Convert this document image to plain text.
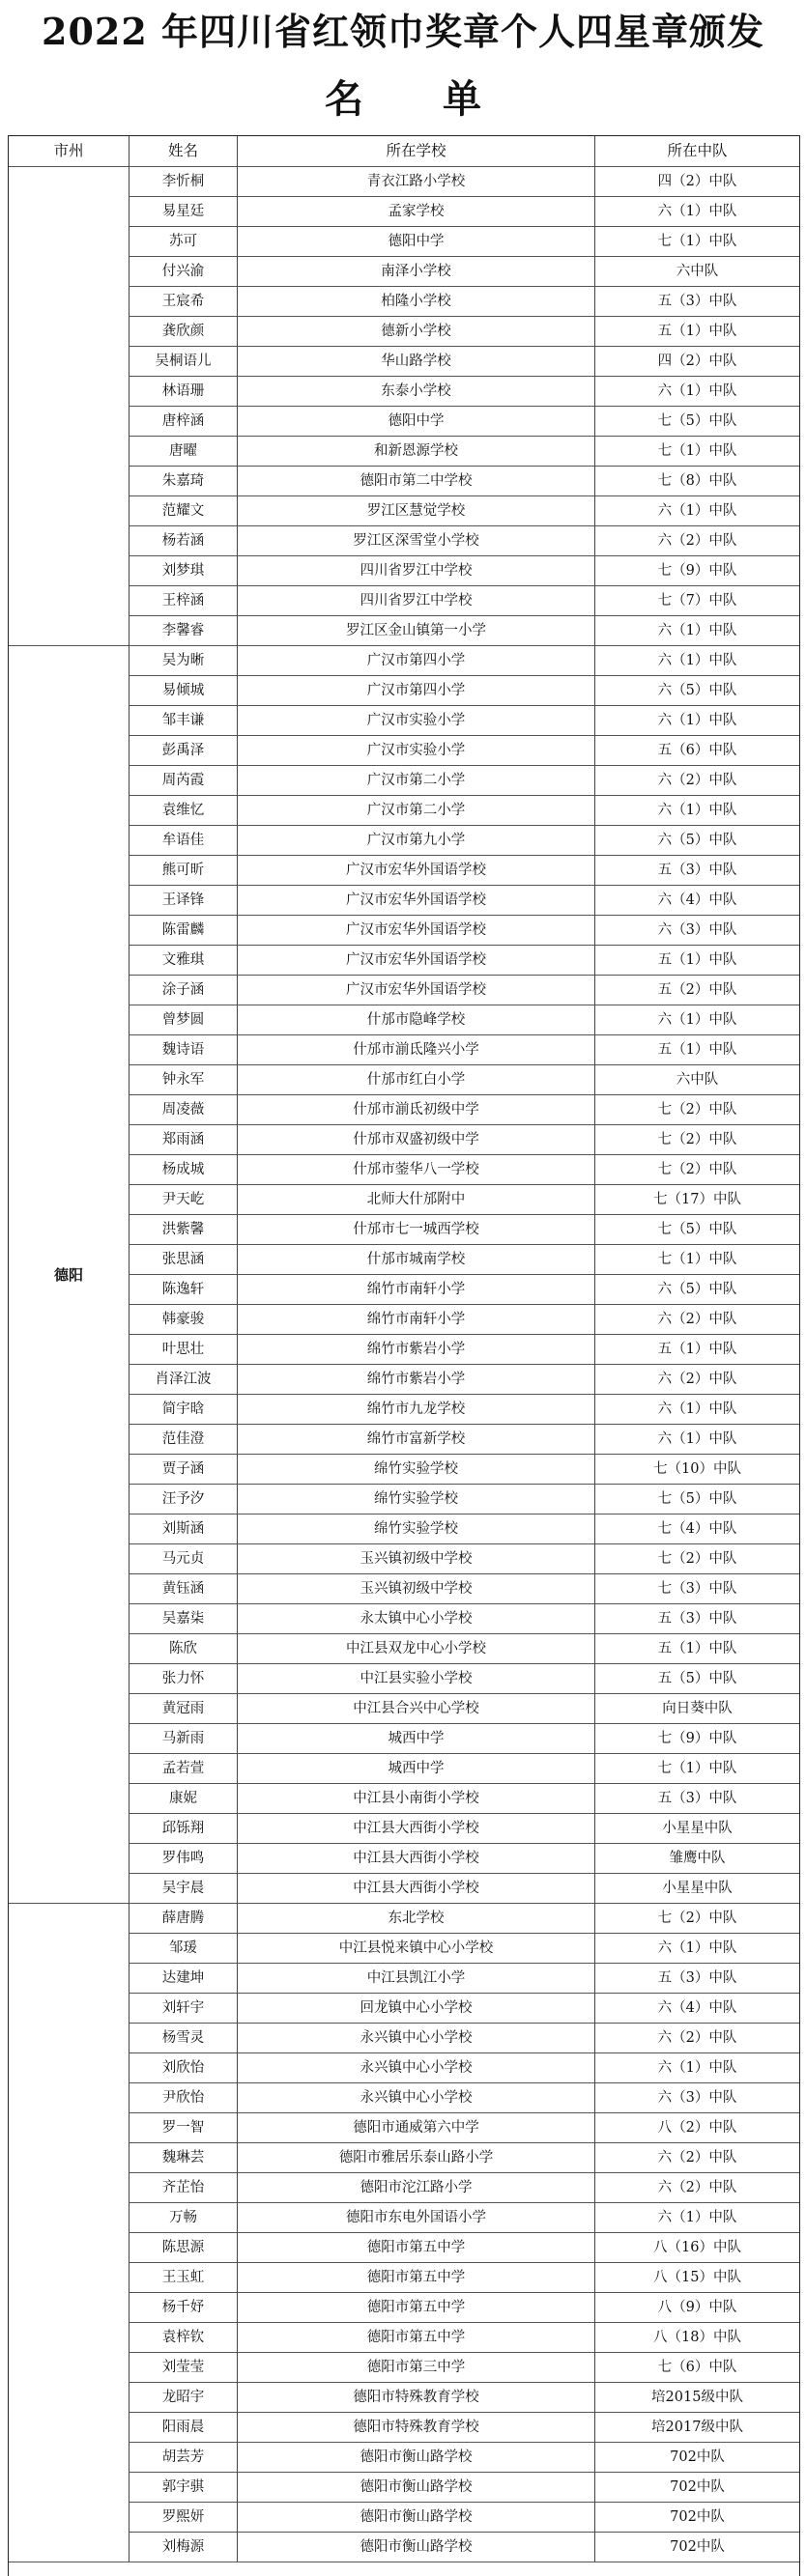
2022 年四川省红领巾奖章个人四星章颁发
名 单
市州	姓名	所在学校	所在中队
李忻桐	青衣江路小学校	四（2）中队
易星廷	孟家学校	六（1）中队
苏可	德阳中学	七（1）中队
付兴渝	南泽小学校	六中队
王宸希	柏隆小学校	五（3）中队
龚欣颜	德新小学校	五（1）中队
吴桐语儿	华山路学校	四（2）中队
林语珊	东泰小学校	六（1）中队
唐梓涵	德阳中学	七（5）中队
唐曜	和新恩源学校	七（1）中队
朱嘉琦	德阳市第二中学校	七（8）中队
范耀文	罗江区慧觉学校	六（1）中队
杨若涵	罗江区深雪堂小学校	六（2）中队
刘梦琪	四川省罗江中学校	七（9）中队
王梓涵	四川省罗江中学校	七（7）中队
李馨睿	罗江区金山镇第一小学	六（1）中队
德阳
吴为晰	广汉市第四小学	六（1）中队
易倾城	广汉市第四小学	六（5）中队
邹丰谦	广汉市实验小学	六（1）中队
彭禹泽	广汉市实验小学	五（6）中队
周芮霞	广汉市第二小学	六（2）中队
袁维忆	广汉市第二小学	六（1）中队
牟语佳	广汉市第九小学	六（5）中队
熊可昕	广汉市宏华外国语学校	五（3）中队
王译锋	广汉市宏华外国语学校	六（4）中队
陈雷麟	广汉市宏华外国语学校	六（3）中队
文雅琪	广汉市宏华外国语学校	五（1）中队
涂子涵	广汉市宏华外国语学校	五（2）中队
曾梦圆	什邡市隐峰学校	六（1）中队
魏诗语	什邡市湔氐隆兴小学	五（1）中队
钟永军	什邡市红白小学	六中队
周凌薇	什邡市湔氐初级中学	七（2）中队
郑雨涵	什邡市双盛初级中学	七（2）中队
杨成城	什邡市蓥华八一学校	七（2）中队
尹天屹	北师大什邡附中	七（17）中队
洪紫馨	什邡市七一城西学校	七（5）中队
张思涵	什邡市城南学校	七（1）中队
陈逸轩	绵竹市南轩小学	六（5）中队
韩豪骏	绵竹市南轩小学	六（2）中队
叶思壮	绵竹市紫岩小学	五（1）中队
肖泽江波	绵竹市紫岩小学	六（2）中队
简宇晗	绵竹市九龙学校	六（1）中队
范佳澄	绵竹市富新学校	六（1）中队
贾子涵	绵竹实验学校	七（10）中队
汪予汐	绵竹实验学校	七（5）中队
刘斯涵	绵竹实验学校	七（4）中队
马元贞	玉兴镇初级中学校	七（2）中队
黄钰涵	玉兴镇初级中学校	七（3）中队
吴嘉柒	永太镇中心小学校	五（3）中队
陈欣	中江县双龙中心小学校	五（1）中队
张力怀	中江县实验小学校	五（5）中队
黄冠雨	中江县合兴中心学校	向日葵中队
马新雨	城西中学	七（9）中队
孟若萱	城西中学	七（1）中队
康妮	中江县小南街小学校	五（3）中队
邱铄翔	中江县大西街小学校	小星星中队
罗伟鸣	中江县大西街小学校	雏鹰中队
吴宇晨	中江县大西街小学校	小星星中队
薛唐腾	东北学校	七（2）中队
邹瑗	中江县悦来镇中心小学校	六（1）中队
达建坤	中江县凯江小学	五（3）中队
刘轩宇	回龙镇中心小学校	六（4）中队
杨雪灵	永兴镇中心小学校	六（2）中队
刘欣怡	永兴镇中心小学校	六（1）中队
尹欣怡	永兴镇中心小学校	六（3）中队
罗一智	德阳市通威第六中学	八（2）中队
魏琳芸	德阳市雅居乐泰山路小学	六（2）中队
齐芷怡	德阳市沱江路小学	六（2）中队
万畅	德阳市东电外国语小学	六（1）中队
陈思源	德阳市第五中学	八（16）中队
王玉虹	德阳市第五中学	八（15）中队
杨千妤	德阳市第五中学	八（9）中队
袁梓钦	德阳市第五中学	八（18）中队
刘莹莹	德阳市第三中学	七（6）中队
龙昭宇	德阳市特殊教育学校	培2015级中队
阳雨晨	德阳市特殊教育学校	培2017级中队
胡芸芳	德阳市衡山路学校	702中队
郭宇骐	德阳市衡山路学校	702中队
罗熙妍	德阳市衡山路学校	702中队
刘梅源	德阳市衡山路学校	702中队
